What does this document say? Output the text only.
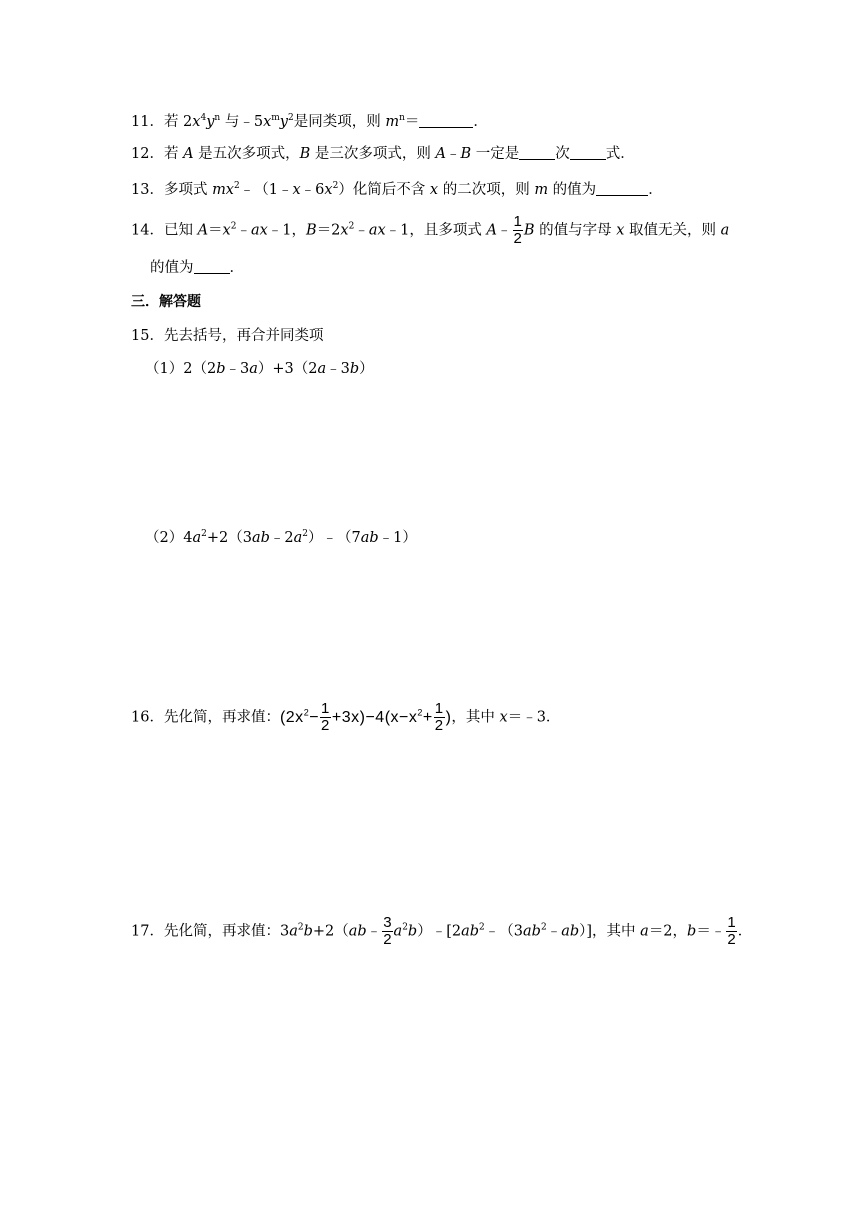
11．若 $2x^4y^n$ 与$﹣5x^my^2$是同类项，则 $m^n=$	．
12．若 A 是五次多项式，B 是三次多项式，则 A﹣B 一定是 次 式．
13．多项式 $mx^2﹣(1﹣x﹣6x^2)$化简后不含 x 的二次项，则 m 的值为	．
14．已知 $A=x^2﹣ax﹣1$，$B=2x^2﹣ax﹣1$，且多项式 A﹣ $\frac{1}{2}$ B 的值与字母 x 取值无关，则 a
的值为 ．
三．解答题
15．先去括号，再合并同类项
（1）2（2b﹣3a）+3（2a﹣3b）
$(2)4a^2+2(3ab﹣2a^2)﹣(7ab﹣1)$
16．先化简，再求值：$(2x^2- \frac{1}{2} +3x)-4(x-x^2+ \frac{1}{2}$ )，其中 x＝﹣3．
17．先化简，再求值：$3a^2b+2(ab﹣ \frac{3}{2}$ $a^2b)﹣[2ab^2﹣(3ab^2﹣ab)]$，其中 a＝2，b＝﹣ $\frac{1}{2}$ ．
